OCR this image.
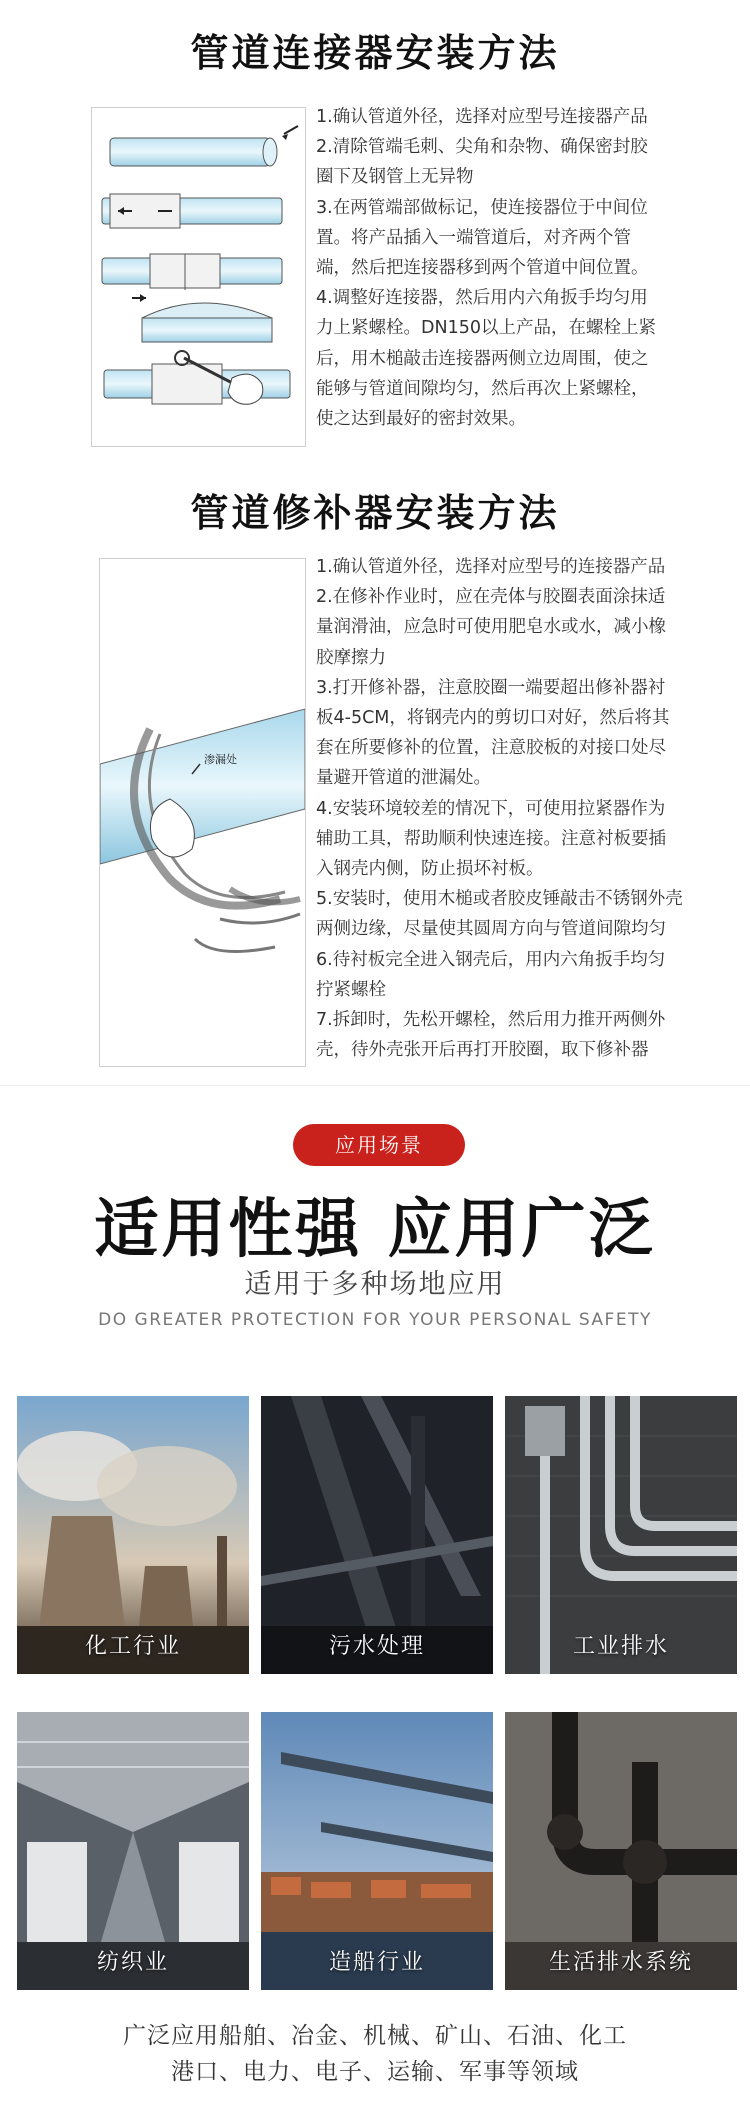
管道连接器安装方法

1.确认管道外径，选择对应型号连接器产品

2.清除管端毛刺、尖角和杂物、确保密封胶

圈下及钢管上无异物

3.在两管端部做标记，使连接器位于中间位

置。将产品插入一端管道后，对齐两个管

端，然后把连接器移到两个管道中间位置。

4.调整好连接器，然后用内六角扳手均匀用

力上紧螺栓。DN150以上产品，在螺栓上紧

后，用木槌敲击连接器两侧立边周围，使之

能够与管道间隙均匀，然后再次上紧螺栓，

使之达到最好的密封效果。

管道修补器安装方法
渗漏处

1.确认管道外径，选择对应型号的连接器产品

2.在修补作业时，应在壳体与胶圈表面涂抹适

量润滑油，应急时可使用肥皂水或水，减小橡

胶摩擦力

3.打开修补器，注意胶圈一端要超出修补器衬

板4-5CM，将钢壳内的剪切口对好，然后将其

套在所要修补的位置，注意胶板的对接口处尽

量避开管道的泄漏处。

4.安装环境较差的情况下，可使用拉紧器作为

辅助工具，帮助顺利快速连接。注意衬板要插

入钢壳内侧，防止损坏衬板。

5.安装时，使用木槌或者胶皮锤敲击不锈钢外壳

两侧边缘，尽量使其圆周方向与管道间隙均匀

6.待衬板完全进入钢壳后，用内六角扳手均匀

拧紧螺栓

7.拆卸时，先松开螺栓，然后用力推开两侧外

壳，待外壳张开后再打开胶圈，取下修补器

应用场景
适用性强 应用广泛
适用于多种场地应用
DO GREATER PROTECTION FOR YOUR PERSONAL SAFETY
化工行业	污水处理	工业排水
纺织业	造船行业	生活排水系统
广泛应用船舶、冶金、机械、矿山、石油、化工
港口、电力、电子、运输、军事等领域
